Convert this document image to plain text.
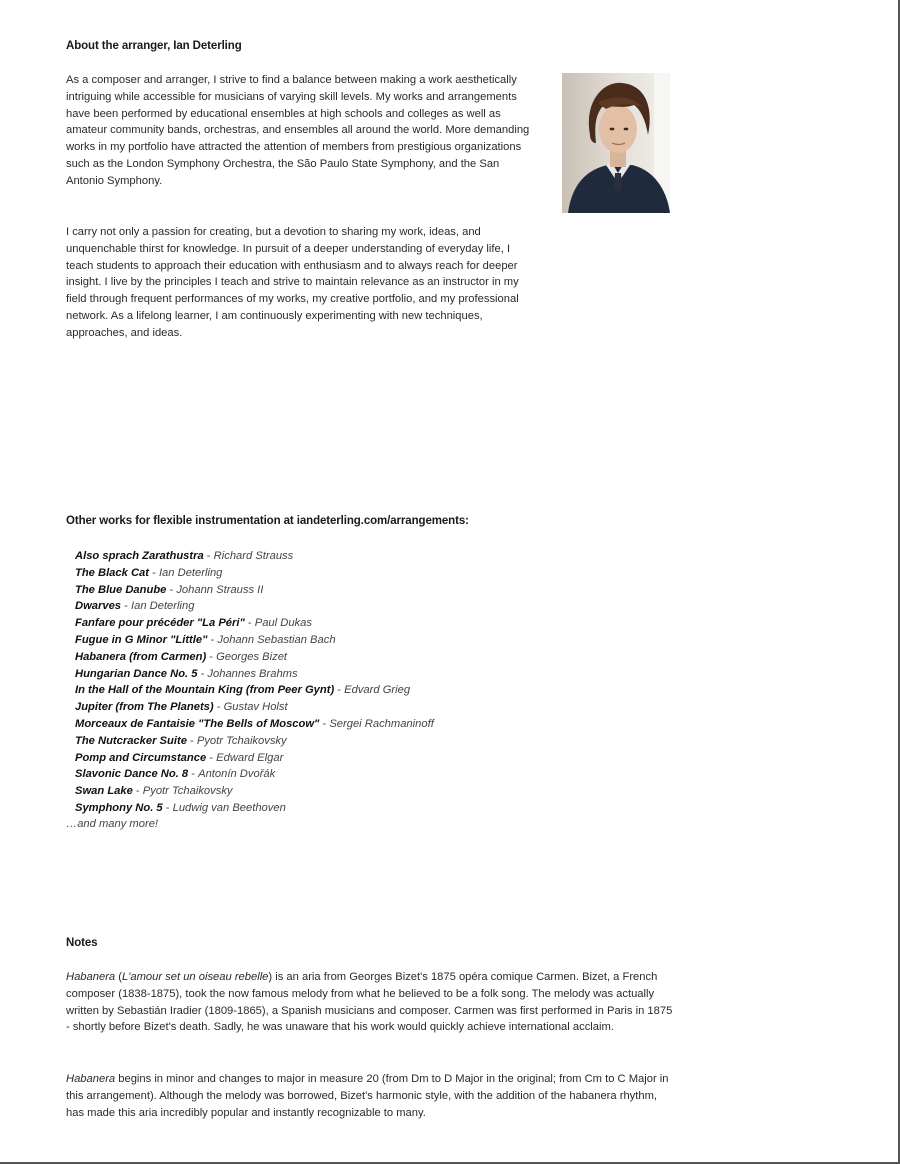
About the arranger, Ian Deterling

As a composer and arranger, I strive to find a balance between making a work aesthetically intriguing while accessible for musicians of varying skill levels. My works and arrangements have been performed by educational ensembles at high schools and colleges as well as amateur community bands, orchestras, and ensembles all around the world. More demanding works in my portfolio have attracted the attention of members from prestigious organizations such as the London Symphony Orchestra, the São Paulo State Symphony, and the San Antonio Symphony.

I carry not only a passion for creating, but a devotion to sharing my work, ideas, and unquenchable thirst for knowledge. In pursuit of a deeper understanding of everyday life, I teach students to approach their education with enthusiasm and to always reach for deeper insight. I live by the principles I teach and strive to maintain relevance as an instructor in my field through frequent performances of my works, my creative portfolio, and my professional network. As a lifelong learner, I am continuously experimenting with new techniques, approaches, and ideas.

Other works for flexible instrumentation at iandeterling.com/arrangements:
Also sprach Zarathustra - Richard Strauss
The Black Cat - Ian Deterling
The Blue Danube - Johann Strauss II
Dwarves - Ian Deterling
Fanfare pour précéder "La Péri" - Paul Dukas
Fugue in G Minor "Little" - Johann Sebastian Bach
Habanera (from Carmen) - Georges Bizet
Hungarian Dance No. 5 - Johannes Brahms
In the Hall of the Mountain King (from Peer Gynt) - Edvard Grieg
Jupiter (from The Planets) - Gustav Holst
Morceaux de Fantaisie "The Bells of Moscow" - Sergei Rachmaninoff
The Nutcracker Suite - Pyotr Tchaikovsky
Pomp and Circumstance - Edward Elgar
Slavonic Dance No. 8 - Antonín Dvořák
Swan Lake - Pyotr Tchaikovsky
Symphony No. 5 - Ludwig van Beethoven
…and many more!
Notes

Habanera (L'amour set un oiseau rebelle) is an aria from Georges Bizet's 1875 opéra comique Carmen. Bizet, a French composer (1838-1875), took the now famous melody from what he believed to be a folk song. The melody was actually written by Sebastián Iradier (1809-1865), a Spanish musicians and composer. Carmen was first performed in Paris in 1875 - shortly before Bizet's death. Sadly, he was unaware that his work would quickly achieve international acclaim.

Habanera begins in minor and changes to major in measure 20 (from Dm to D Major in the original; from Cm to C Major in this arrangement). Although the melody was borrowed, Bizet's harmonic style, with the addition of the habanera rhythm, has made this aria incredibly popular and instantly recognizable to many.
